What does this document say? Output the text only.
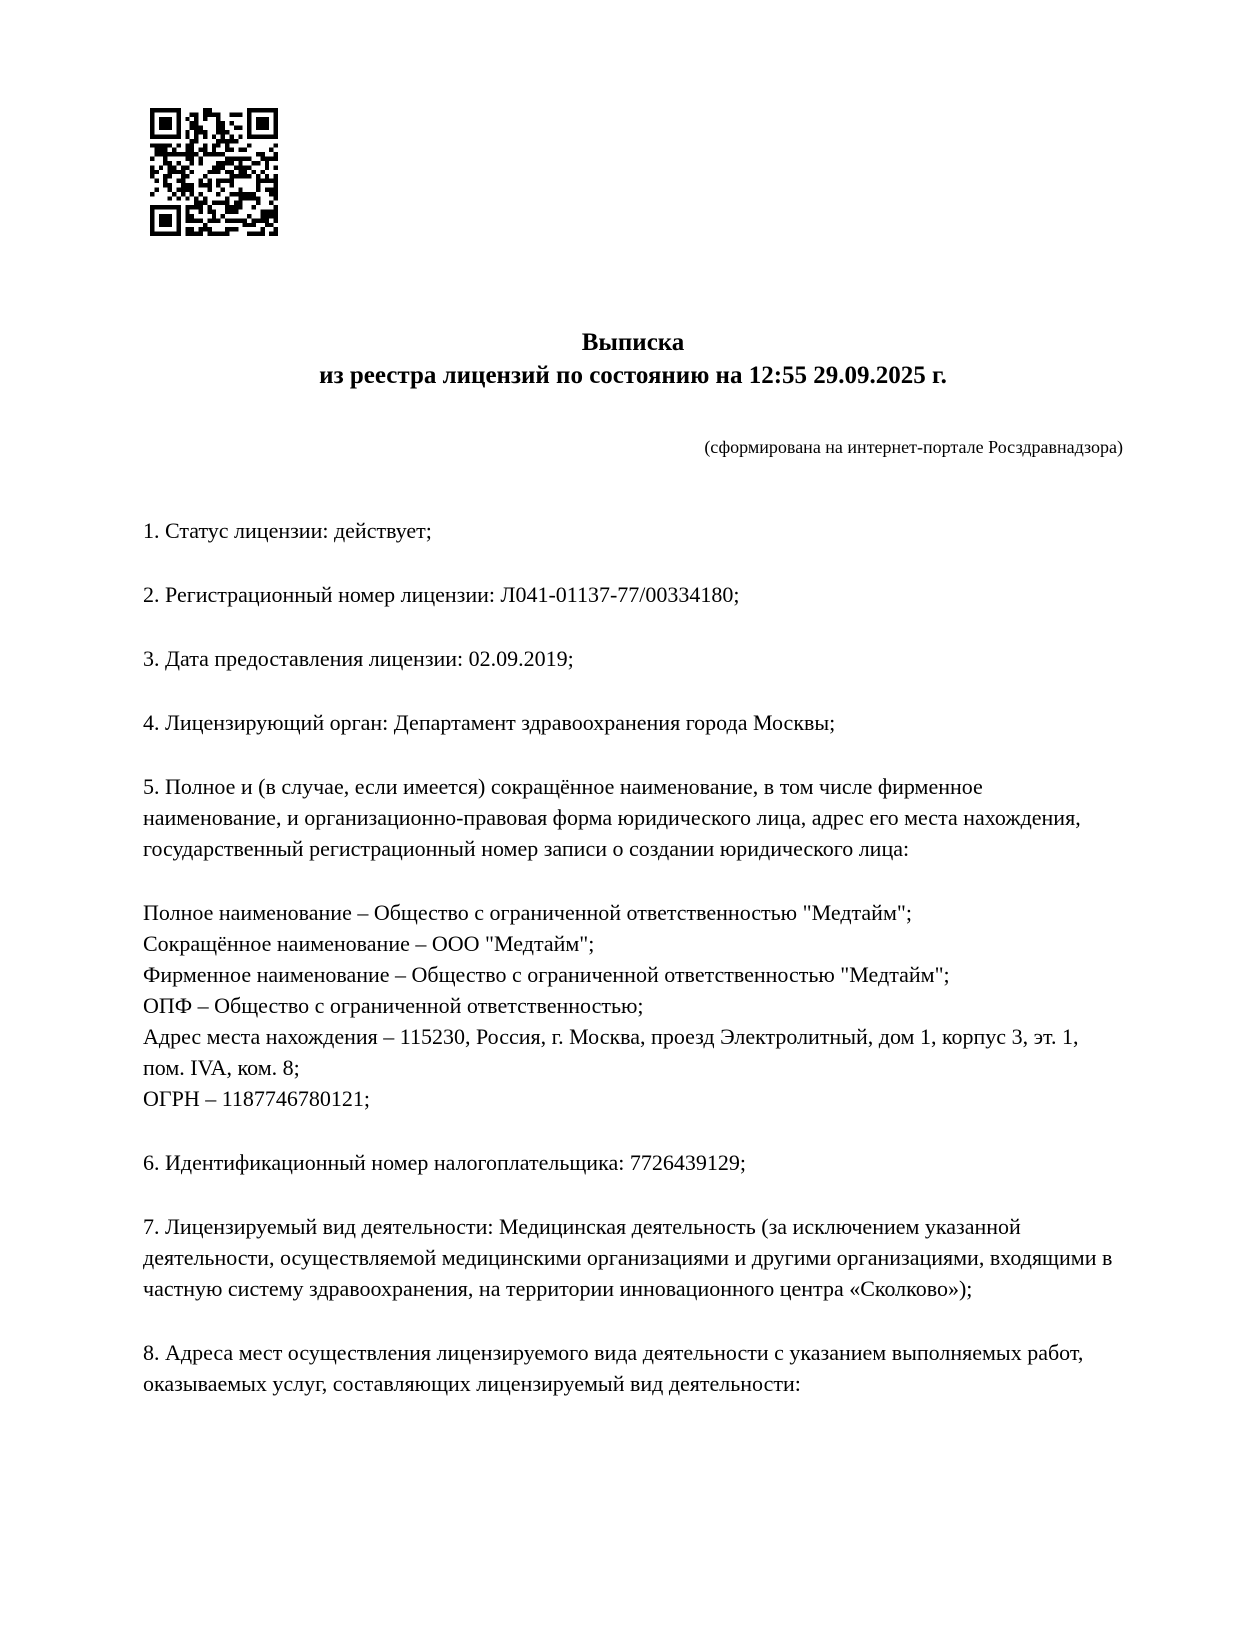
Выписка
из реестра лицензий по состоянию на 12:55 29.09.2025 г.
(сформирована на интернет-портале Росздравнадзора)

1. Статус лицензии: действует;

2. Регистрационный номер лицензии: Л041-01137-77/00334180;

3. Дата предоставления лицензии: 02.09.2019;

4. Лицензирующий орган: Департамент здравоохранения города Москвы;

5. Полное и (в случае, если имеется) сокращённое наименование, в том числе фирменное наименование, и организационно-правовая форма юридического лица, адрес его места нахождения, государственный регистрационный номер записи о создании юридического лица:

Полное наименование – Общество с ограниченной ответственностью "Медтайм";
Сокращённое наименование – ООО "Медтайм";
Фирменное наименование – Общество с ограниченной ответственностью "Медтайм";
ОПФ – Общество с ограниченной ответственностью;
Адрес места нахождения – 115230, Россия, г. Москва, проезд Электролитный, дом 1, корпус 3, эт. 1, пом. IVA, ком. 8;
ОГРН – 1187746780121;

6. Идентификационный номер налогоплательщика: 7726439129;

7. Лицензируемый вид деятельности: Медицинская деятельность (за исключением указанной деятельности, осуществляемой медицинскими организациями и другими организациями, входящими в частную систему здравоохранения, на территории инновационного центра «Сколково»);

8. Адреса мест осуществления лицензируемого вида деятельности с указанием выполняемых работ, оказываемых услуг, составляющих лицензируемый вид деятельности:
